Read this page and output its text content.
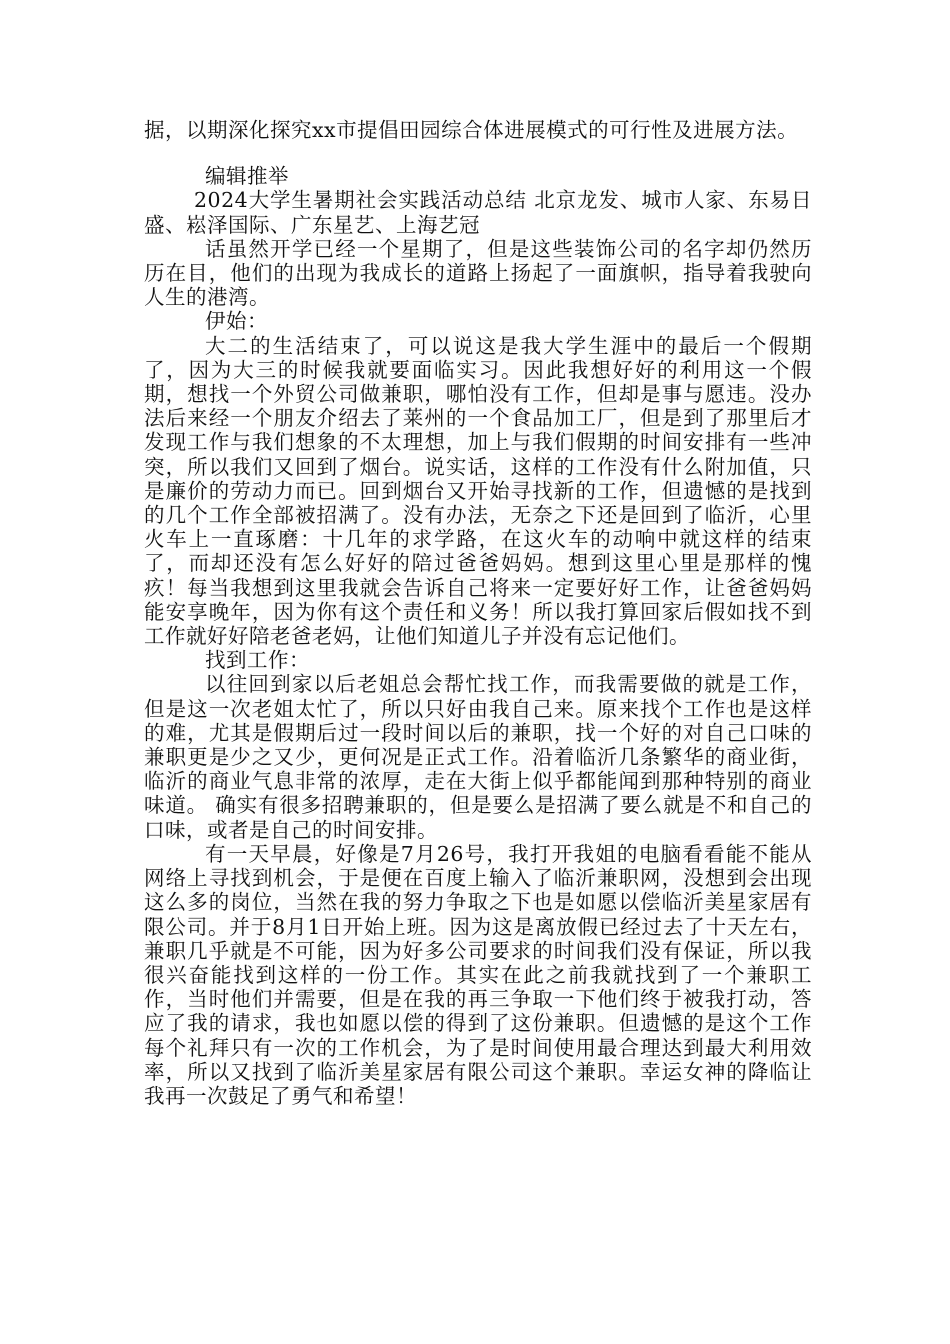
据，以期深化探究xx市提倡田园综合体进展模式的可行性及进展方法。

编辑推举

2024大学生暑期社会实践活动总结 北京龙发、城市人家、东易日盛、崧泽国际、广东星艺、上海艺冠

话虽然开学已经一个星期了，但是这些装饰公司的名字却仍然历历在目，他们的出现为我成长的道路上扬起了一面旗帜，指导着我驶向人生的港湾。

伊始：

大二的生活结束了，可以说这是我大学生涯中的最后一个假期了，因为大三的时候我就要面临实习。因此我想好好的利用这一个假期，想找一个外贸公司做兼职，哪怕没有工作，但却是事与愿违。没办法后来经一个朋友介绍去了莱州的一个食品加工厂，但是到了那里后才发现工作与我们想象的不太理想，加上与我们假期的时间安排有一些冲突，所以我们又回到了烟台。说实话，这样的工作没有什么附加值，只是廉价的劳动力而已。回到烟台又开始寻找新的工作，但遗憾的是找到的几个工作全部被招满了。没有办法，无奈之下还是回到了临沂，心里火车上一直琢磨：十几年的求学路，在这火车的动响中就这样的结束了，而却还没有怎么好好的陪过爸爸妈妈。想到这里心里是那样的愧疚！每当我想到这里我就会告诉自己将来一定要好好工作，让爸爸妈妈能安享晚年，因为你有这个责任和义务！所以我打算回家后假如找不到工作就好好陪老爸老妈，让他们知道儿子并没有忘记他们。

找到工作：

以往回到家以后老姐总会帮忙找工作，而我需要做的就是工作，但是这一次老姐太忙了，所以只好由我自己来。原来找个工作也是这样的难，尤其是假期后过一段时间以后的兼职，找一个好的对自己口味的兼职更是少之又少，更何况是正式工作。沿着临沂几条繁华的商业街，临沂的商业气息非常的浓厚，走在大街上似乎都能闻到那种特别的商业味道。 确实有很多招聘兼职的，但是要么是招满了要么就是不和自己的口味，或者是自己的时间安排。

有一天早晨，好像是7月26号，我打开我姐的电脑看看能不能从网络上寻找到机会，于是便在百度上输入了临沂兼职网，没想到会出现这么多的岗位，当然在我的努力争取之下也是如愿以偿临沂美星家居有限公司。并于8月1日开始上班。因为这是离放假已经过去了十天左右，兼职几乎就是不可能，因为好多公司要求的时间我们没有保证，所以我很兴奋能找到这样的一份工作。其实在此之前我就找到了一个兼职工作，当时他们并需要，但是在我的再三争取一下他们终于被我打动，答应了我的请求，我也如愿以偿的得到了这份兼职。但遗憾的是这个工作每个礼拜只有一次的工作机会，为了是时间使用最合理达到最大利用效率，所以又找到了临沂美星家居有限公司这个兼职。幸运女神的降临让我再一次鼓足了勇气和希望！
